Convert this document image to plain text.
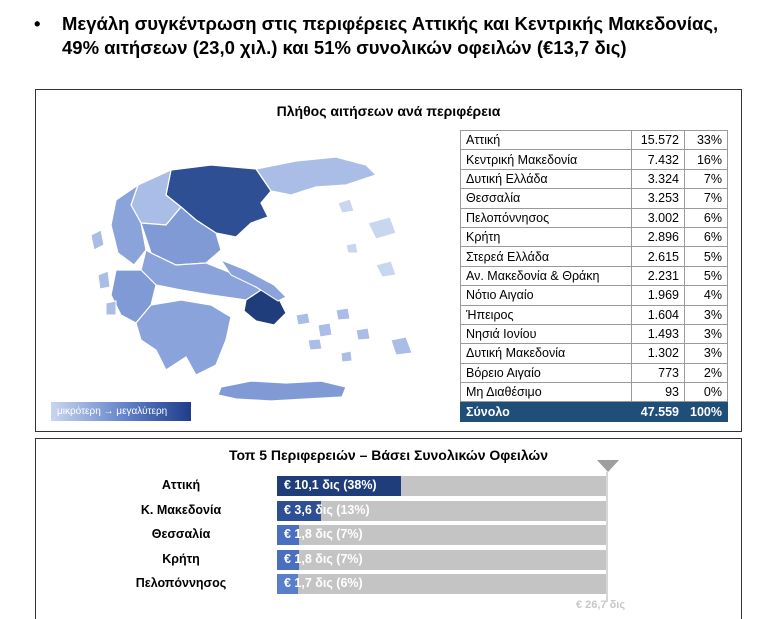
•	Μεγάλη συγκέντρωση στις περιφέρειες Αττικής και Κεντρικής Μακεδονίας,
49% αιτήσεων (23,0 χιλ.) και 51% συνολικών οφειλών (€13,7 δις)
Πλήθος αιτήσεων ανά περιφέρεια
μικρότερη → μεγαλύτερη
Αττική	15.572	33%
Κεντρική Μακεδονία	7.432	16%
Δυτική Ελλάδα	3.324	7%
Θεσσαλία	3.253	7%
Πελοπόννησος	3.002	6%
Κρήτη	2.896	6%
Στερεά Ελλάδα	2.615	5%
Αν. Μακεδονία & Θράκη	2.231	5%
Νότιο Αιγαίο	1.969	4%
Ήπειρος	1.604	3%
Νησιά Ιονίου	1.493	3%
Δυτική Μακεδονία	1.302	3%
Βόρειο Αιγαίο	773	2%
Μη Διαθέσιμο	93	0%
Σύνολο	47.559	100%
Τοπ 5 Περιφερειών – Βάσει Συνολικών Οφειλών
Αττική	€ 10,1 δις (38%)
Κ. Μακεδονία	€ 3,6 δις (13%)
Θεσσαλία	€ 1,8 δις (7%)
Κρήτη	€ 1,8 δις (7%)
Πελοπόννησος	€ 1,7 δις (6%)
€ 26,7 δις
